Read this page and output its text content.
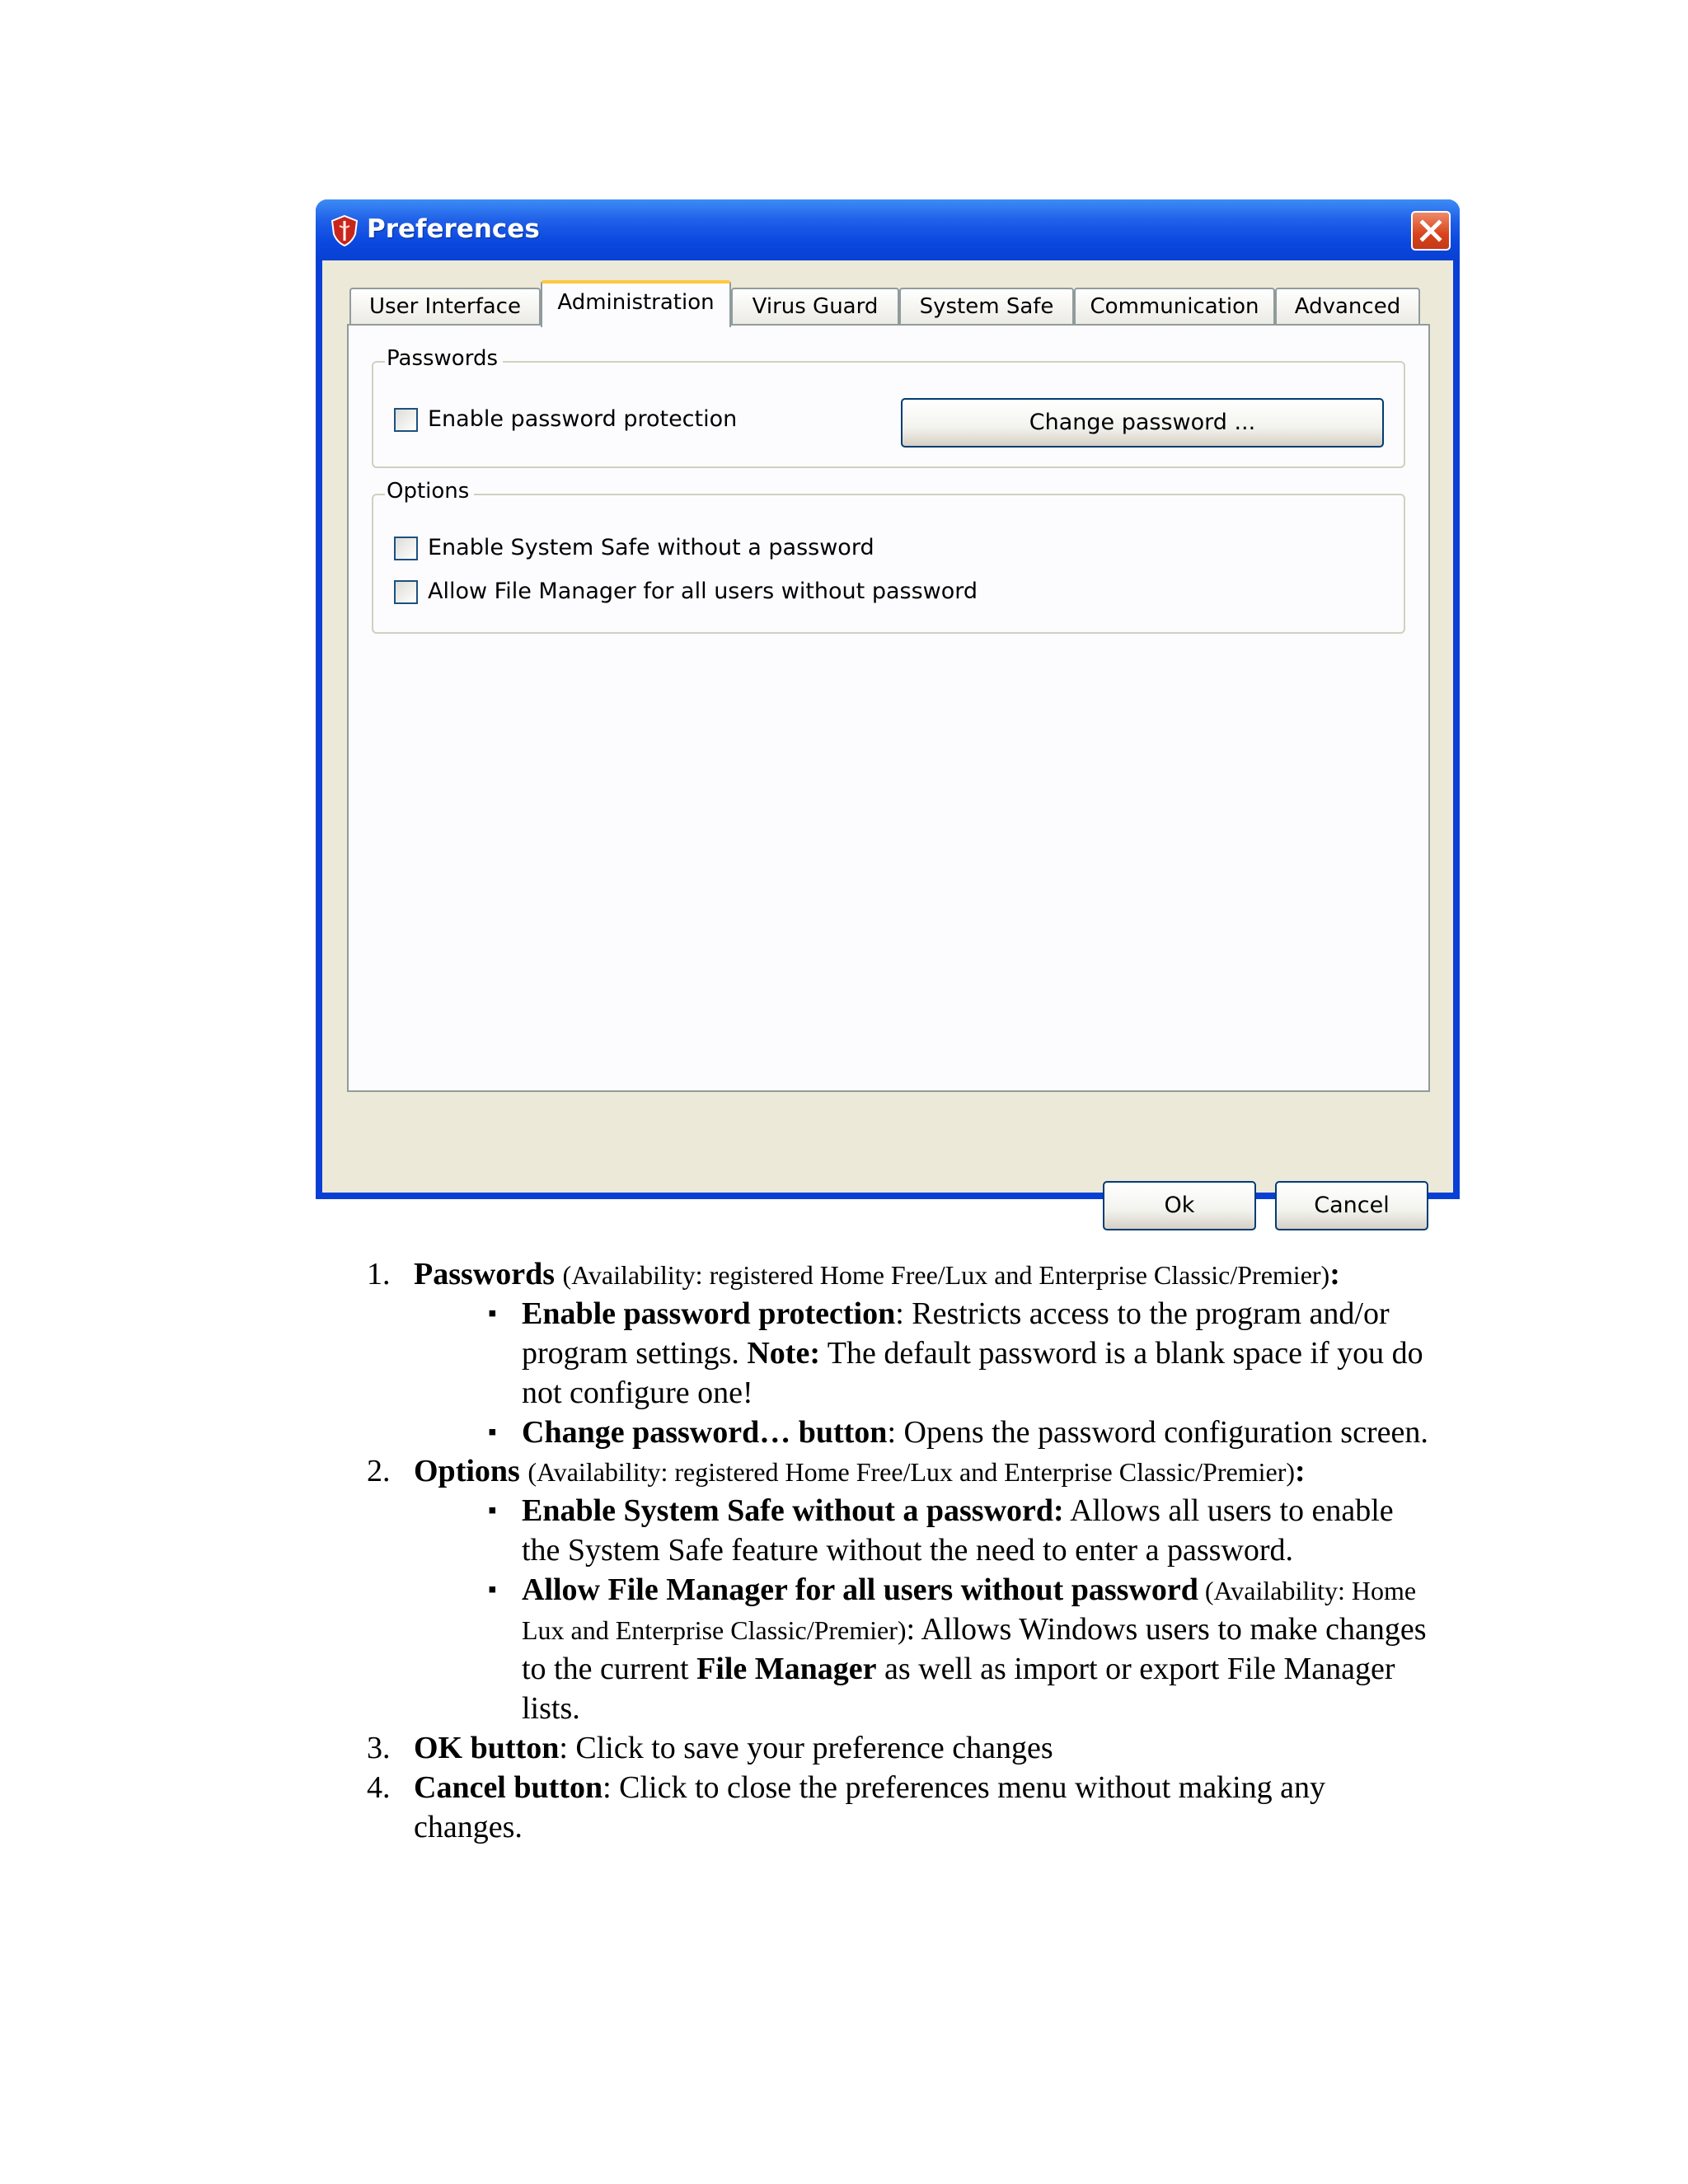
Preferences
User Interface	Administration	Virus Guard	System Safe	Communication	Advanced
Passwords
Enable password protection	Change password ...
Options
Enable System Safe without a password
Allow File Manager for all users without password
Ok	Cancel
1. Passwords (Availability: registered Home Free/Lux and Enterprise Classic/Premier):
▪ Enable password protection: Restricts access to the program and/or
program settings. Note: The default password is a blank space if you do
not configure one!
▪ Change password… button: Opens the password configuration screen.
2. Options (Availability: registered Home Free/Lux and Enterprise Classic/Premier):
▪ Enable System Safe without a password: Allows all users to enable
the System Safe feature without the need to enter a password.
▪ Allow File Manager for all users without password (Availability: Home
Lux and Enterprise Classic/Premier): Allows Windows users to make changes
to the current File Manager as well as import or export File Manager
lists.
3. OK button: Click to save your preference changes
4. Cancel button: Click to close the preferences menu without making any
changes.
